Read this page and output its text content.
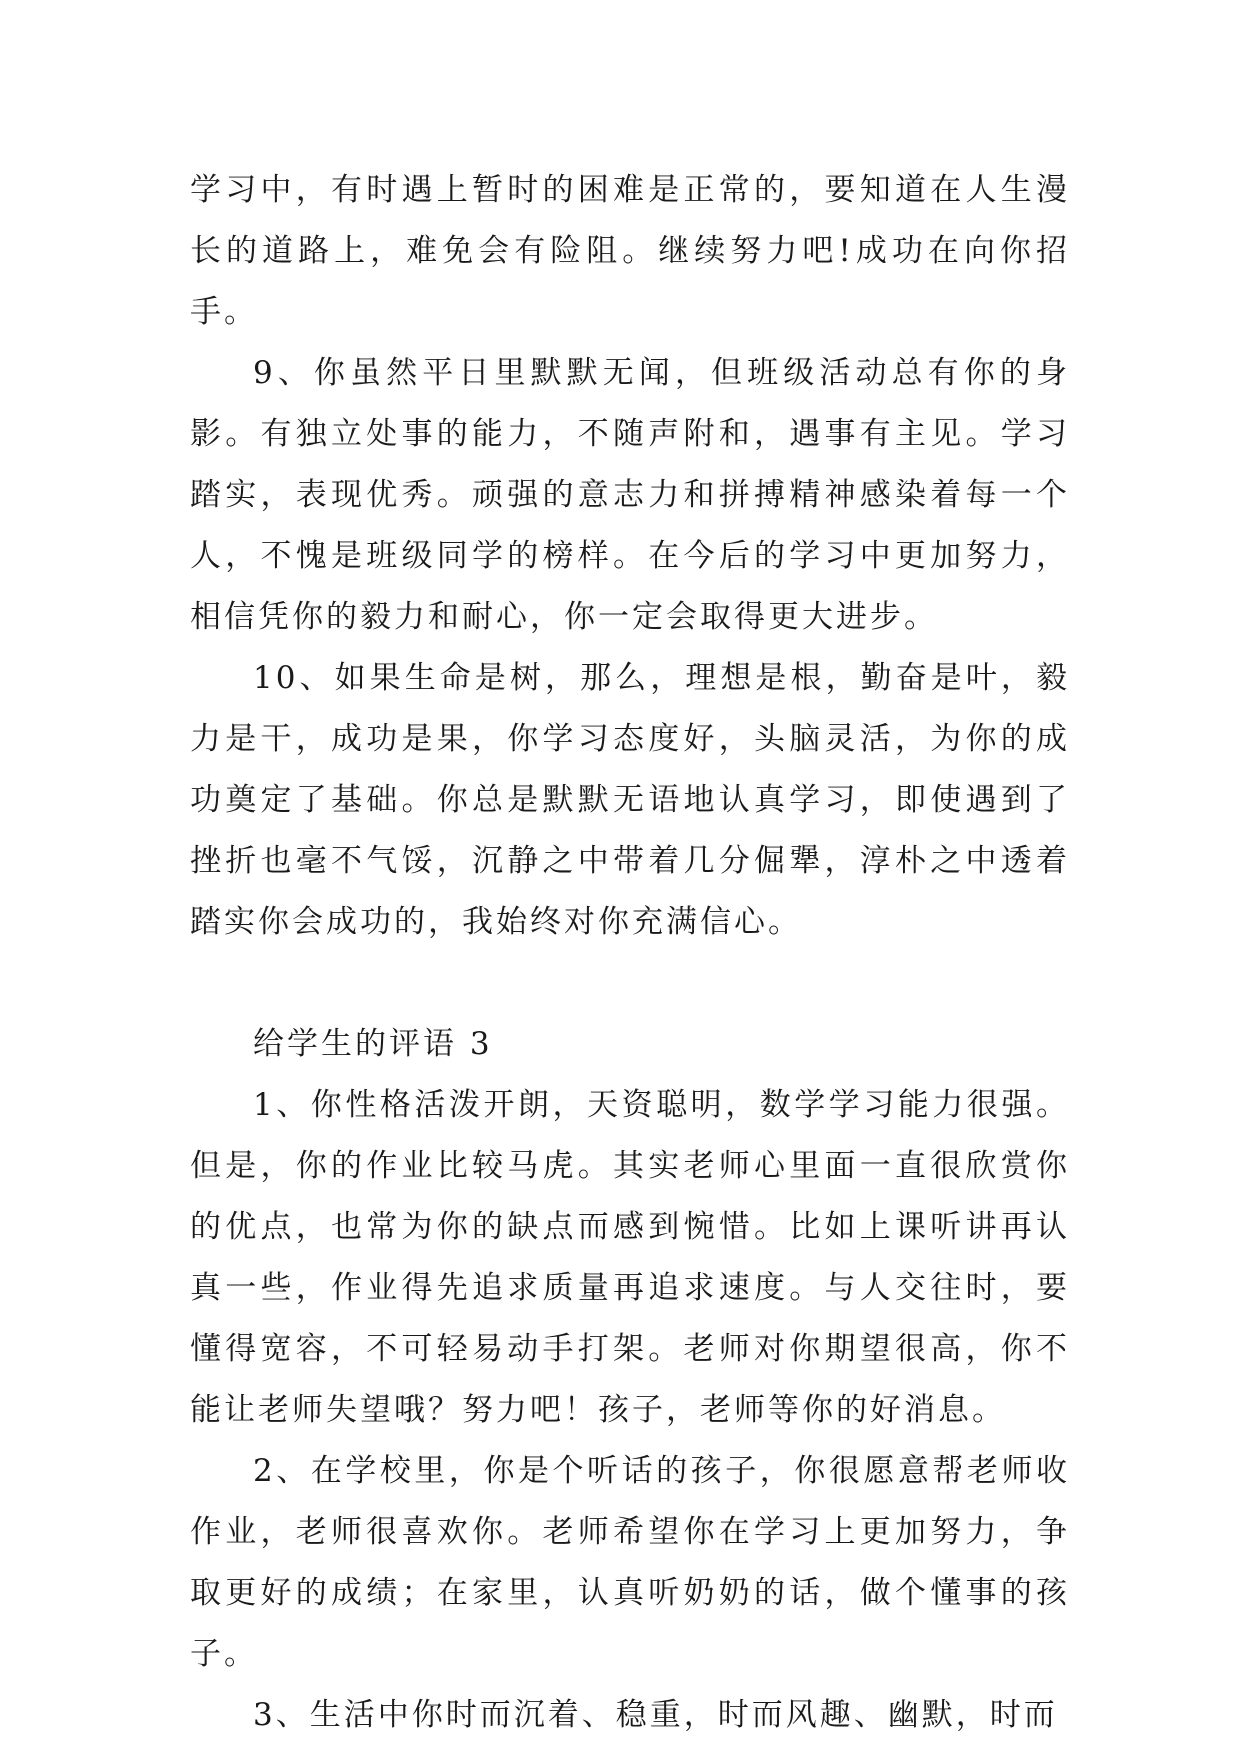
学习中，有时遇上暂时的困难是正常的，要知道在人生漫长的道路上，难免会有险阻。继续努力吧!成功在向你招手。

9、你虽然平日里默默无闻，但班级活动总有你的身影。有独立处事的能力，不随声附和，遇事有主见。学习踏实，表现优秀。顽强的意志力和拼搏精神感染着每一个人，不愧是班级同学的榜样。在今后的学习中更加努力，相信凭你的毅力和耐心，你一定会取得更大进步。

10、如果生命是树，那么，理想是根，勤奋是叶，毅力是干，成功是果，你学习态度好，头脑灵活，为你的成功奠定了基础。你总是默默无语地认真学习，即使遇到了挫折也毫不气馁，沉静之中带着几分倔犟，淳朴之中透着踏实你会成功的，我始终对你充满信心。

给学生的评语 3

1、你性格活泼开朗，天资聪明，数学学习能力很强。但是，你的作业比较马虎。其实老师心里面一直很欣赏你的优点，也常为你的缺点而感到惋惜。比如上课听讲再认真一些，作业得先追求质量再追求速度。与人交往时，要懂得宽容，不可轻易动手打架。老师对你期望很高，你不能让老师失望哦？努力吧！孩子，老师等你的好消息。

2、在学校里，你是个听话的孩子，你很愿意帮老师收作业，老师很喜欢你。老师希望你在学习上更加努力，争取更好的成绩；在家里，认真听奶奶的话，做个懂事的孩子。

3、生活中你时而沉着、稳重，时而风趣、幽默，时而
